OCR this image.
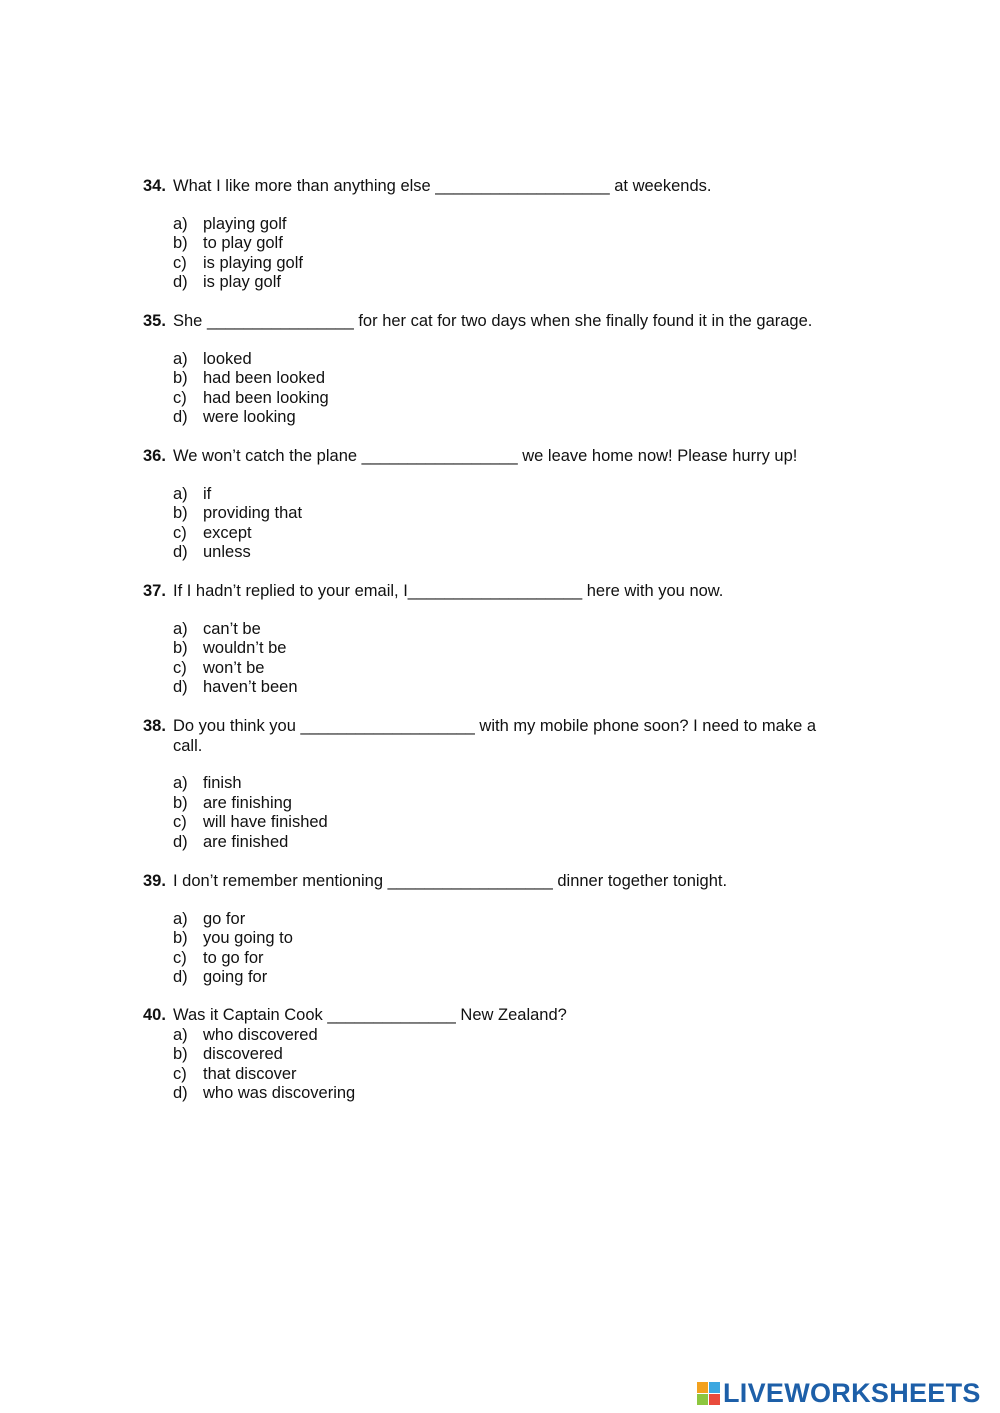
34. What I like more than anything else ___________________ at weekends.
a) playing golf
b) to play golf
c) is playing golf
d) is play golf
35. She ________________ for her cat for two days when she finally found it in the garage.
a) looked
b) had been looked
c) had been looking
d) were looking
36. We won’t catch the plane _________________ we leave home now! Please hurry up!
a) if
b) providing that
c) except
d) unless
37. If I hadn’t replied to your email, I___________________ here with you now.
a) can’t be
b) wouldn’t be
c) won’t be
d) haven’t been
38. Do you think you ___________________ with my mobile phone soon? I need to make a call.
a) finish
b) are finishing
c) will have finished
d) are finished
39. I don’t remember mentioning __________________ dinner together tonight.
a) go for
b) you going to
c) to go for
d) going for
40. Was it Captain Cook ______________ New Zealand?
a) who discovered
b) discovered
c) that discover
d) who was discovering
LIVEWORKSHEETS
